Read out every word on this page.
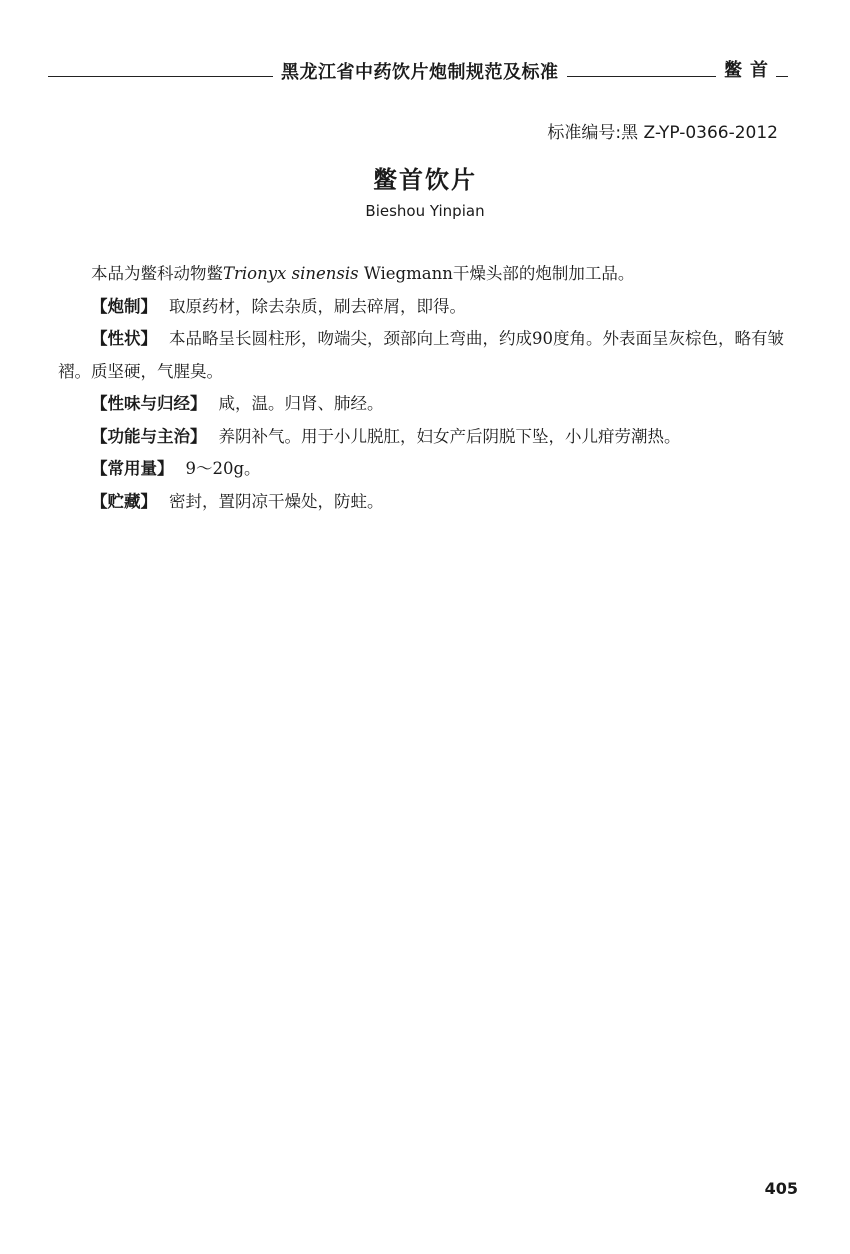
黑龙江省中药饮片炮制规范及标准	鳖首
标准编号:黑 Z-YP-0366-2012
鳖首饮片
Bieshou Yinpian

本品为鳖科动物鳖Trionyx sinensis Wiegmann干燥头部的炮制加工品。

【炮制】 取原药材，除去杂质，刷去碎屑，即得。

【性状】 本品略呈长圆柱形，吻端尖，颈部向上弯曲，约成90度角。外表面呈灰棕色，略有皱褶。质坚硬，气腥臭。

【性味与归经】 咸，温。归肾、肺经。

【功能与主治】 养阴补气。用于小儿脱肛，妇女产后阴脱下坠，小儿疳劳潮热。

【常用量】 9～20g。

【贮藏】 密封，置阴凉干燥处，防蛀。

405
